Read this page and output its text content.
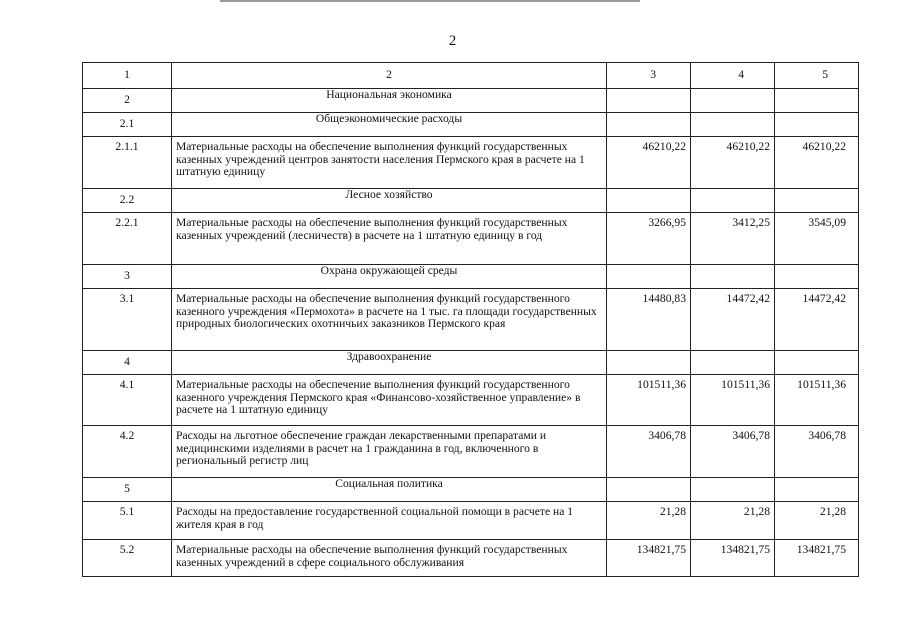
2
1	2	3	4	5
2	Национальная экономика			
2.1	Общеэкономические расходы			
2.1.1	Материальные расходы на обеспечение выполнения функций государственных казенных учреждений центров занятости населения Пермского края в расчете на 1 штатную единицу	46210,22	46210,22	46210,22
2.2	Лесное хозяйство			
2.2.1	Материальные расходы на обеспечение выполнения функций государственных казенных учреждений (лесничеств) в расчете на 1 штатную единицу в год	3266,95	3412,25	3545,09
3	Охрана окружающей среды			
3.1	Материальные расходы на обеспечение выполнения функций государственного казенного учреждения «Пермохота» в расчете на 1 тыс. га площади государственных природных биологических охотничьих заказников Пермского края	14480,83	14472,42	14472,42
4	Здравоохранение			
4.1	Материальные расходы на обеспечение выполнения функций государственного казенного учреждения Пермского края «Финансово-хозяйственное управление» в расчете на 1 штатную единицу	101511,36	101511,36	101511,36
4.2	Расходы на льготное обеспечение граждан лекарственными препаратами и медицинскими изделиями в расчет на 1 гражданина в год, включенного в региональный регистр лиц	3406,78	3406,78	3406,78
5	Социальная политика			
5.1	Расходы на предоставление государственной социальной помощи в расчете на 1 жителя края в год	21,28	21,28	21,28
5.2	Материальные расходы на обеспечение выполнения функций государственных казенных учреждений в сфере социального обслуживания	134821,75	134821,75	134821,75
